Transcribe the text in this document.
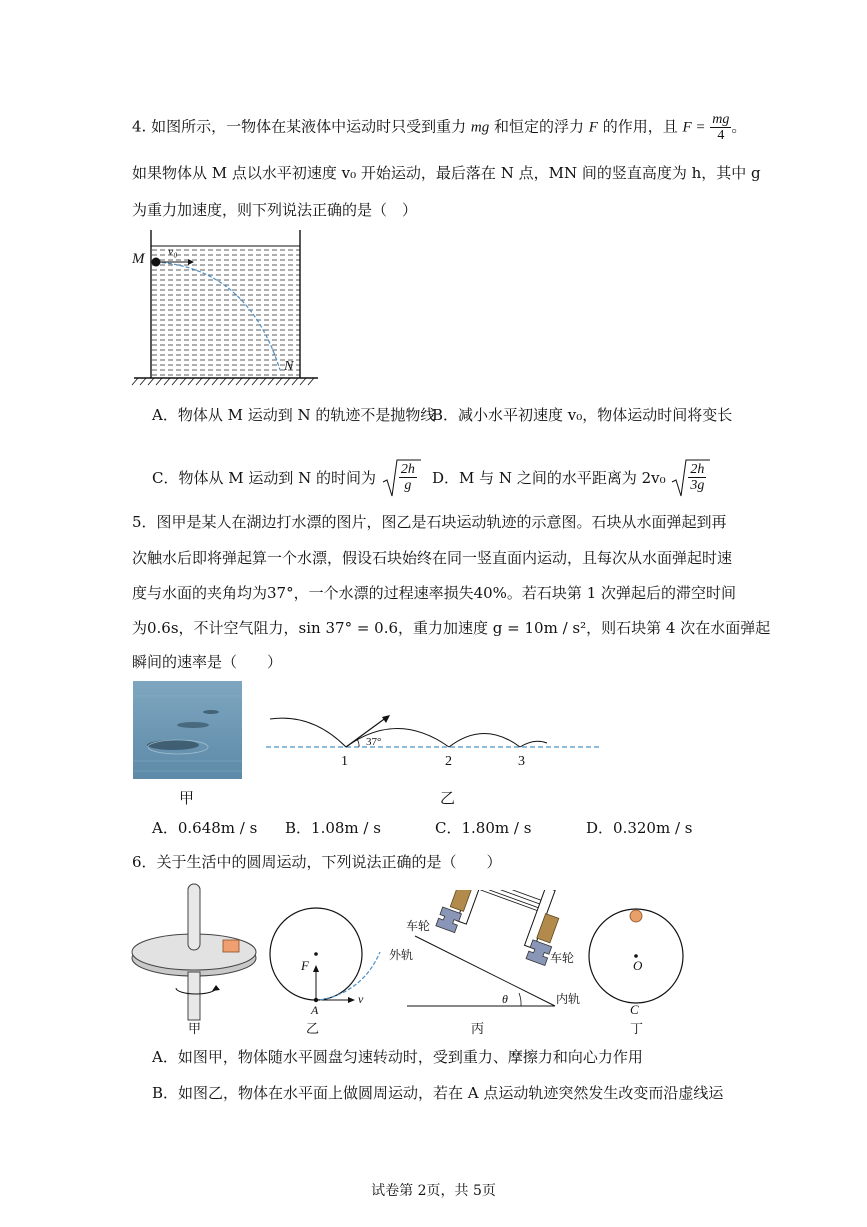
4. 如图所示，一物体在某液体中运动时只受到重力 mg 和恒定的浮力 F 的作用，且 $F = \frac{mg}{4}$ 。
如果物体从 M 点以水平初速度 v₀ 开始运动，最后落在 N 点，MN 间的竖直高度为 h，其中 g
为重力加速度，则下列说法正确的是（　）
M v₀
N
A．物体从 M 运动到 N 的轨迹不是抛物线
B．减小水平初速度 v₀，物体运动时间将变长
C．物体从 M 运动到 N 的时间为 $\frac{2h}{g}$ D．M 与 N 之间的水平距离为 $2v_0 \frac{2h}{3g}$
5．图甲是某人在湖边打水漂的图片，图乙是石块运动轨迹的示意图。石块从水面弹起到再
次触水后即将弹起算一个水漂，假设石块始终在同一竖直面内运动，且每次从水面弹起时速
度与水面的夹角均为37°，一个水漂的过程速率损失40%。若石块第 1 次弹起后的滞空时间
为0.6s，不计空气阻力，sin 37° = 0.6，重力加速度 g = 10m / s²，则石块第 4 次在水面弹起
瞬间的速率是（　　）
甲
37°
1	2	3
乙
A．0.648m / s B．1.08m / s	C．1.80m / s	D．0.320m / s
6．关于生活中的圆周运动，下列说法正确的是（　　）
甲
F
A
v
乙
车轮
外轨	车轮
内轨
θ
丙
O
C
丁
A．如图甲，物体随水平圆盘匀速转动时，受到重力、摩擦力和向心力作用
B．如图乙，物体在水平面上做圆周运动，若在 A 点运动轨迹突然发生改变而沿虚线运
试卷第 2页，共 5页
